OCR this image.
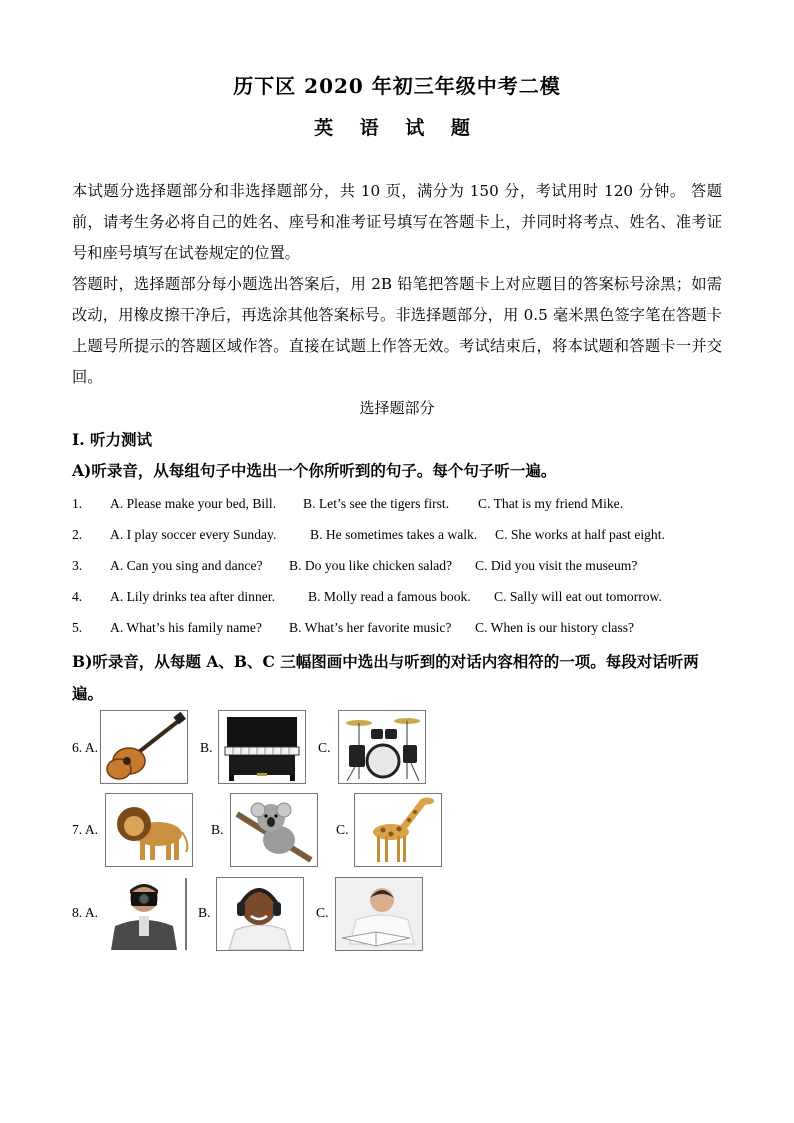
历下区 2020 年初三年级中考二模
英 语 试 题
本试题分选择题部分和非选择题部分，共 10 页，满分为 150 分，考试用时 120 分钟。 答题前，请考生务必将自己的姓名、座号和准考证号填写在答题卡上，并同时将考点、姓名、准考证号和座号填写在试卷规定的位置。
答题时，选择题部分每小题选出答案后，用 2B 铅笔把答题卡上对应题目的答案标号涂黑；如需改动，用橡皮擦干净后，再选涂其他答案标号。非选择题部分，用 0.5 毫米黑色签字笔在答题卡上题号所提示的答题区域作答。直接在试题上作答无效。考试结束后，将本试题和答题卡一并交回。
选择题部分
I. 听力测试
A)听录音，从每组句子中选出一个你所听到的句子。每个句子听一遍。
1. A. Please make your bed, Bill. B. Let’s see the tigers first. C. That is my friend Mike.
2. A. I play soccer every Sunday. B. He sometimes takes a walk. C. She works at half past eight.
3. A. Can you sing and dance? B. Do you like chicken salad? C. Did you visit the museum?
4. A. Lily drinks tea after dinner. B. Molly read a famous book. C. Sally will eat out tomorrow.
5. A. What’s his family name? B. What’s her favorite music? C. When is our history class?
B)听录音，从每题 A、B、C 三幅图画中选出与听到的对话内容相符的一项。每段对话听两遍。
6. A.	B.	C.
7. A.	B.	C.
8. A.	B.	C.
